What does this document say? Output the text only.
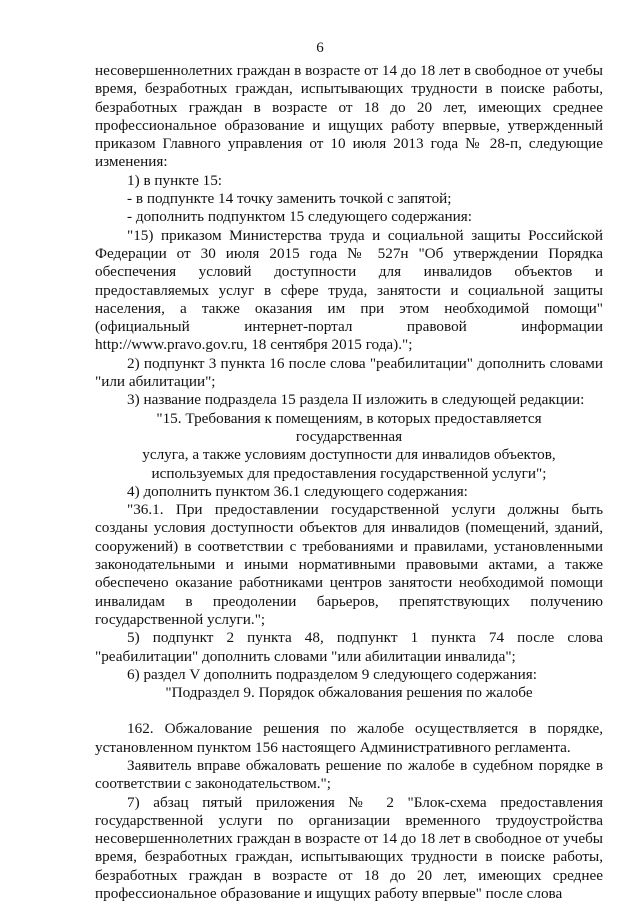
6

несовершеннолетних граждан в возрасте от 14 до 18 лет в свободное от учебы время, безработных граждан, испытывающих трудности в поиске работы, безработных граждан в возрасте от 18 до 20 лет, имеющих среднее профессиональное образование и ищущих работу впервые, утвержденный приказом Главного управления от 10 июля 2013 года № 28-п, следующие изменения:

1) в пункте 15:

- в подпункте 14 точку заменить точкой с запятой;

- дополнить подпунктом 15 следующего содержания:

"15) приказом Министерства труда и социальной защиты Российской Федерации от 30 июля 2015 года № 527н "Об утверждении Порядка обеспечения условий доступности для инвалидов объектов и предоставляемых услуг в сфере труда, занятости и социальной защиты населения, а также оказания им при этом необходимой помощи" (официальный интернет-портал правовой информации http://www.pravo.gov.ru, 18 сентября 2015 года).";

2) подпункт 3 пункта 16 после слова "реабилитации" дополнить словами "или абилитации";

3) название подраздела 15 раздела II изложить в следующей редакции:

"15. Требования к помещениям, в которых предоставляется государственная

услуга, а также условиям доступности для инвалидов объектов,

используемых для предоставления государственной услуги";

4) дополнить пунктом 36.1 следующего содержания:

"36.1. При предоставлении государственной услуги должны быть созданы условия доступности объектов для инвалидов (помещений, зданий, сооружений) в соответствии с требованиями и правилами, установленными законодательными и иными нормативными правовыми актами, а также обеспечено оказание работниками центров занятости необходимой помощи инвалидам в преодолении барьеров, препятствующих получению государственной услуги.";

5) подпункт 2 пункта 48, подпункт 1 пункта 74 после слова "реабилитации" дополнить словами "или абилитации инвалида";

6) раздел V дополнить подразделом 9 следующего содержания:

"Подраздел 9. Порядок обжалования решения по жалобе

162. Обжалование решения по жалобе осуществляется в порядке, установленном пунктом 156 настоящего Административного регламента.

Заявитель вправе обжаловать решение по жалобе в судебном порядке в соответствии с законодательством.";

7) абзац пятый приложения № 2 "Блок-схема предоставления государственной услуги по организации временного трудоустройства несовершеннолетних граждан в возрасте от 14 до 18 лет в свободное от учебы время, безработных граждан, испытывающих трудности в поиске работы, безработных граждан в возрасте от 18 до 20 лет, имеющих среднее профессиональное образование и ищущих работу впервые" после слова
